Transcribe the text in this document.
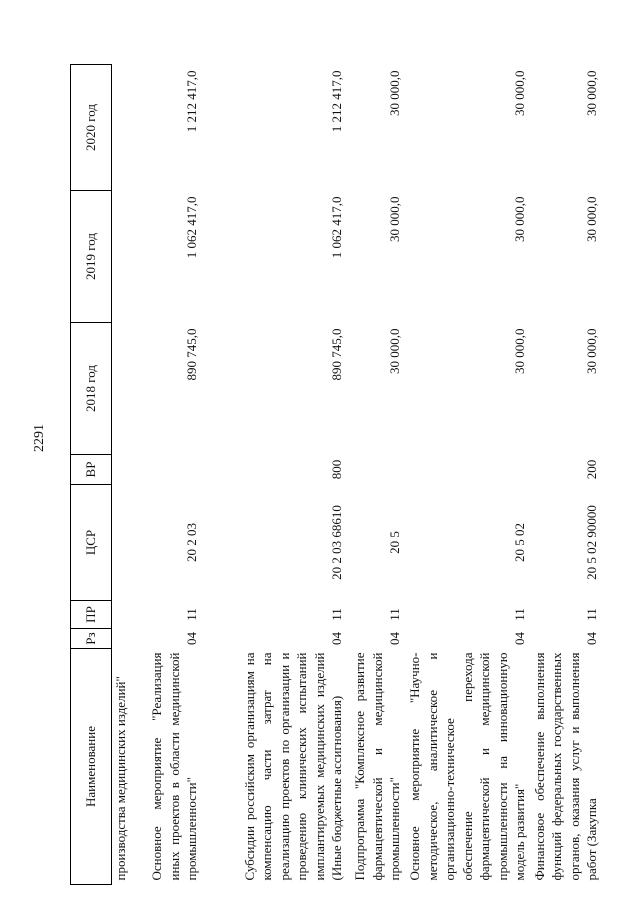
2291
Наименование	Рз	ПР	ЦСР	ВР	2018 год	2019 год	2020 год
производства медицинских изделий"							
Основное мероприятие "Реализация иных проектов в области медицинской промышленности"	04	11	20 2 03		890 745,0	1 062 417,0	1 212 417,0
Субсидии российским организациям на компенсацию части затрат на реализацию проектов по организации и проведению клинических испытаний имплантируемых медицинских изделий (Иные бюджетные ассигнования)	04	11	20 2 03 68610	800	890 745,0	1 062 417,0	1 212 417,0
Подпрограмма "Комплексное развитие фармацевтической и медицинской промышленности"	04	11	20 5		30 000,0	30 000,0	30 000,0
Основное мероприятие "Научно-методическое, аналитическое и организационно-техническое обеспечение перехода фармацевтической и медицинской промышленности на инновационную модель развития"	04	11	20 5 02		30 000,0	30 000,0	30 000,0
Финансовое обеспечение выполнения функций федеральных государственных органов, оказания услуг и выполнения работ (Закупка	04	11	20 5 02 90000	200	30 000,0	30 000,0	30 000,0
